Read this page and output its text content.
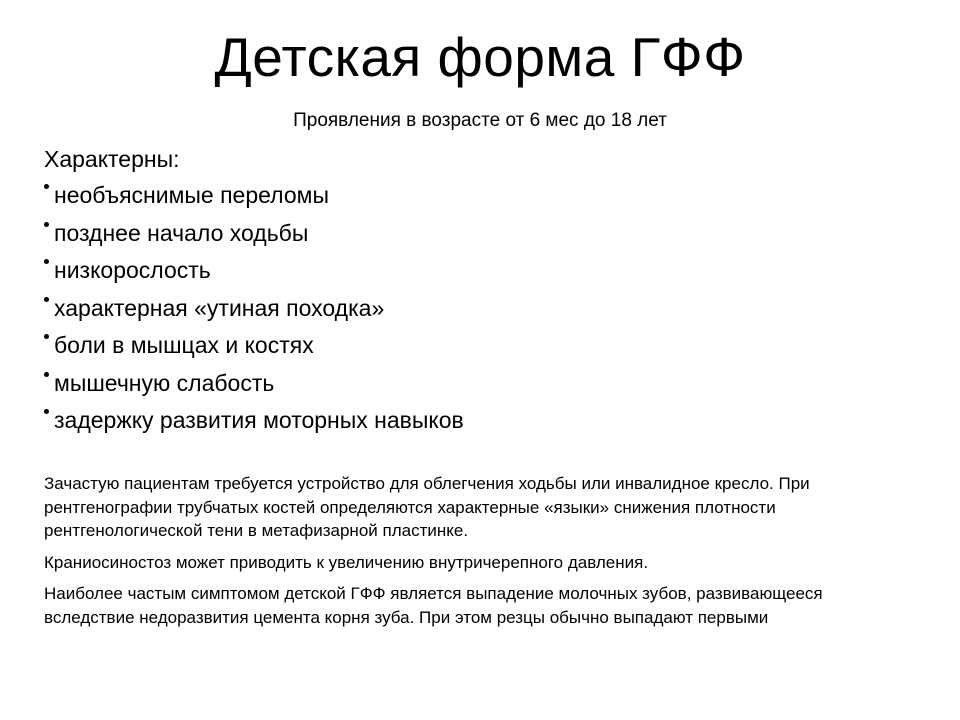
Детская форма ГФФ

Проявления в возрасте от 6 мес до 18 лет

Характерны:

необъяснимые переломы
позднее начало ходьбы
низкорослость
характерная «утиная походка»
боли в мышцах и костях
мышечную слабость
задержку развития моторных навыков

Зачастую пациентам требуется устройство для облегчения ходьбы или инвалидное кресло. При рентгенографии трубчатых костей определяются характерные «языки» снижения плотности рентгенологической тени в метафизарной пластинке.

Краниосиностоз может приводить к увеличению внутричерепного давления.

Наиболее частым симптомом детской ГФФ является выпадение молочных зубов, развивающееся вследствие недоразвития цемента корня зуба. При этом резцы обычно выпадают первыми
